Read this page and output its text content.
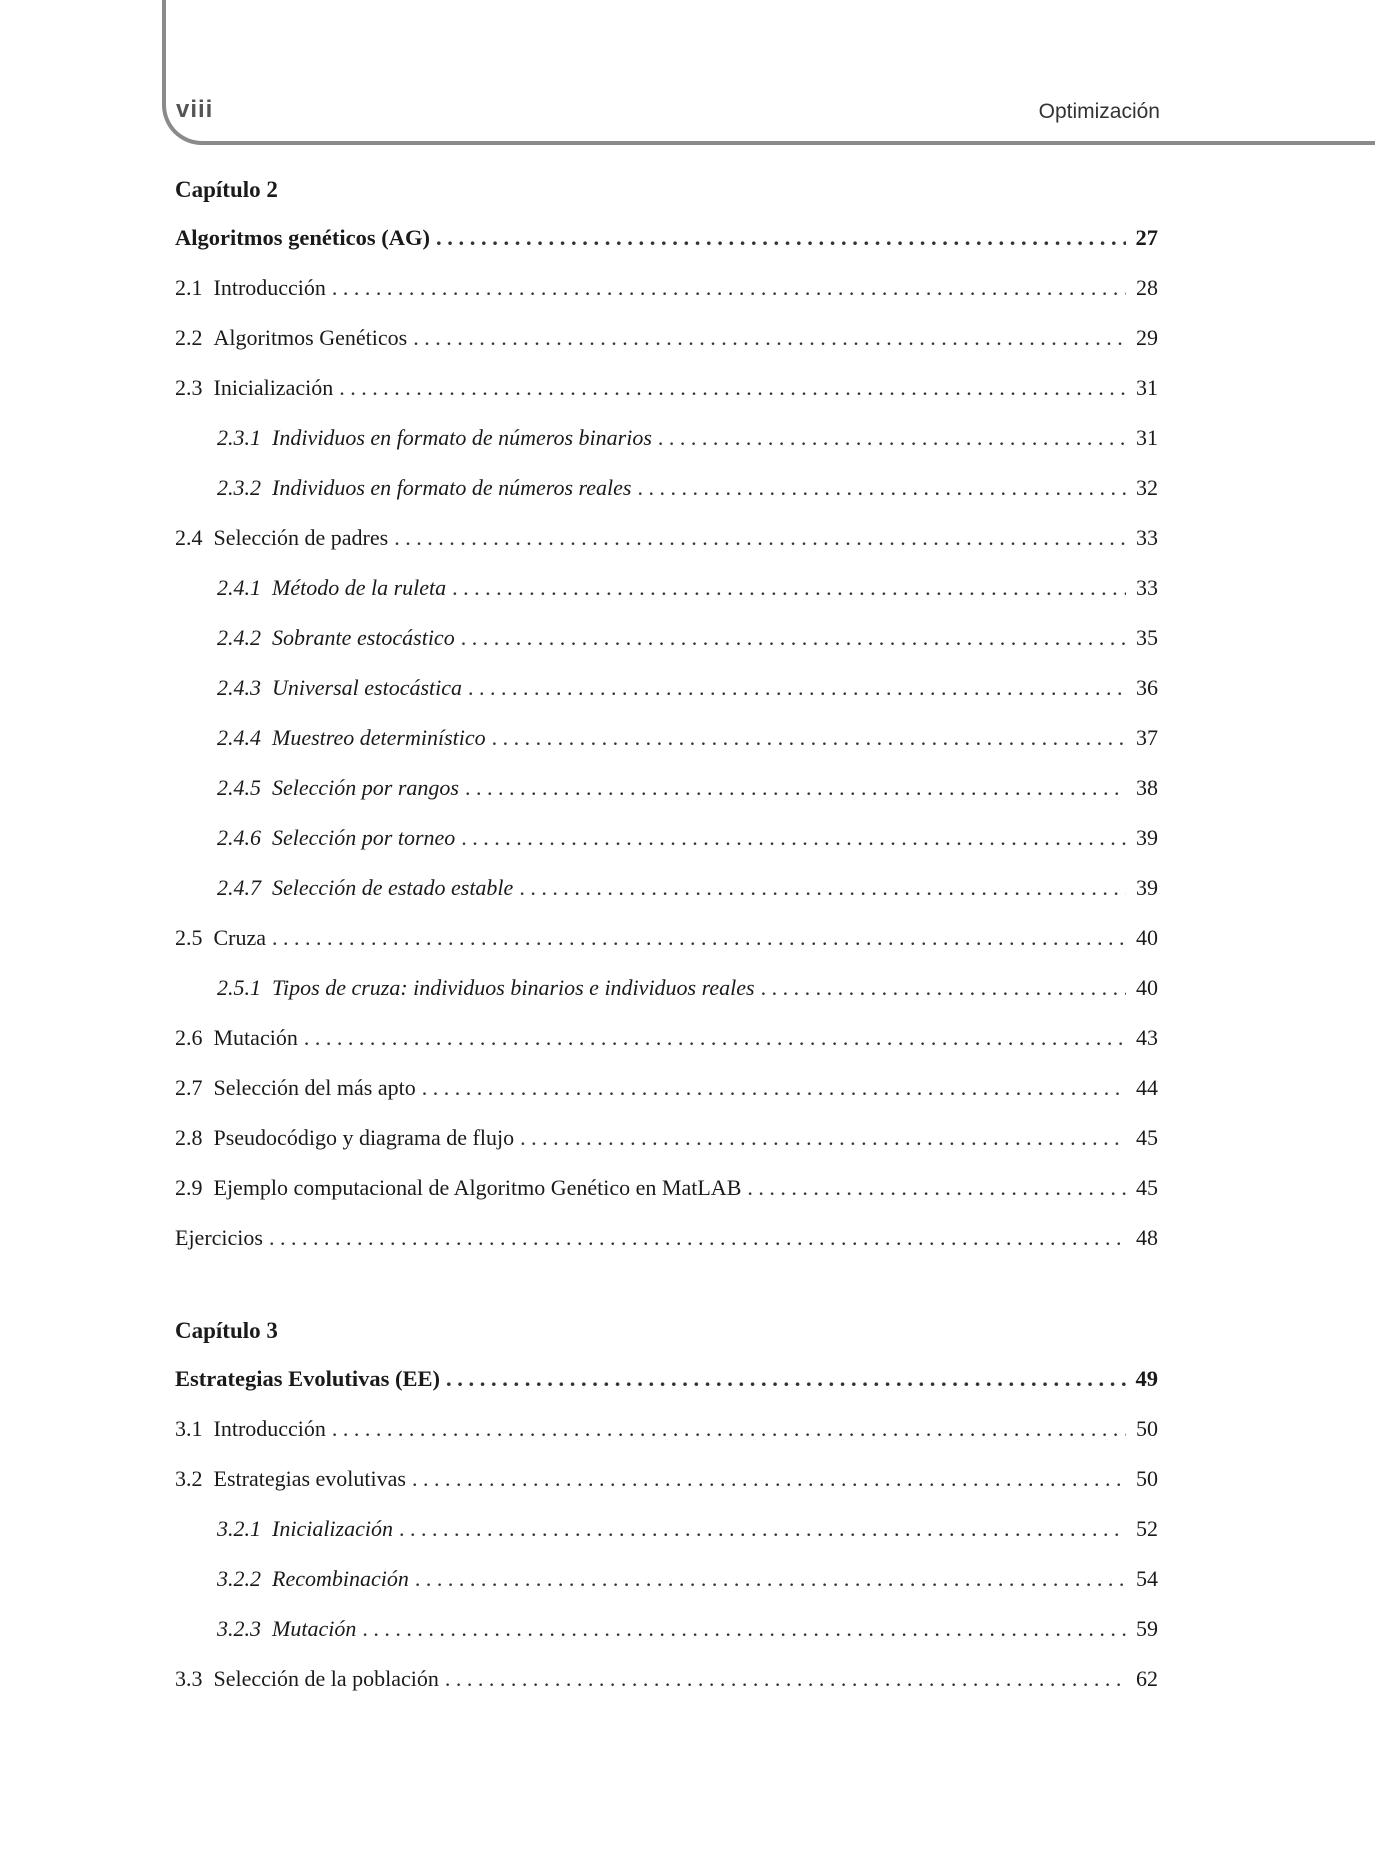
viii	Optimización
Capítulo 2
Algoritmos genéticos (AG) . . .	27
2.1 Introducción . . .	28
2.2 Algoritmos Genéticos . . .	29
2.3 Inicialización . . .	31
2.3.1 Individuos en formato de números binarios . . .	31
2.3.2 Individuos en formato de números reales . . .	32
2.4 Selección de padres . . .	33
2.4.1 Método de la ruleta . . .	33
2.4.2 Sobrante estocástico . . .	35
2.4.3 Universal estocástica . . .	36
2.4.4 Muestreo determinístico . . .	37
2.4.5 Selección por rangos . . .	38
2.4.6 Selección por torneo . . .	39
2.4.7 Selección de estado estable . . .	39
2.5 Cruza . . .	40
2.5.1 Tipos de cruza: individuos binarios e individuos reales . . .	40
2.6 Mutación . . .	43
2.7 Selección del más apto . . .	44
2.8 Pseudocódigo y diagrama de flujo . . .	45
2.9 Ejemplo computacional de Algoritmo Genético en MatLAB . . .	45
Ejercicios . . .	48
Capítulo 3
Estrategias Evolutivas (EE) . . .	49
3.1 Introducción . . .	50
3.2 Estrategias evolutivas . . .	50
3.2.1 Inicialización . . .	52
3.2.2 Recombinación . . .	54
3.2.3 Mutación . . .	59
3.3 Selección de la población . . .	62
